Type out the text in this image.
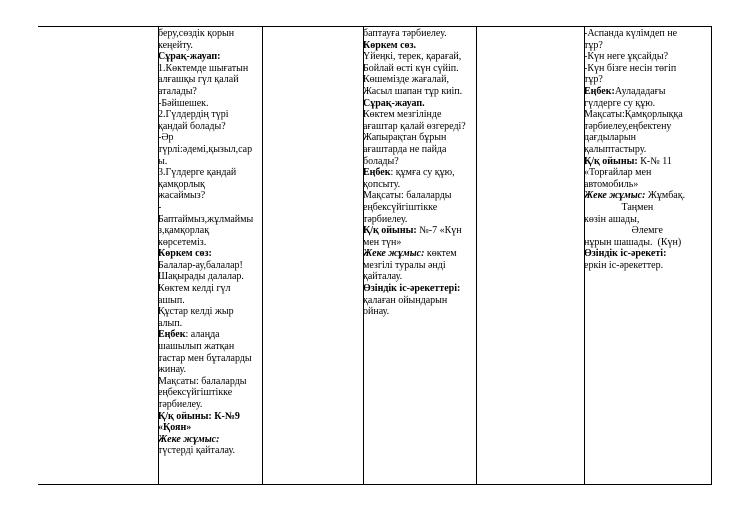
беру,сөздік қорын
кеңейту.
Сұрақ-жауап:
1.Көктемде шығатын
алғашқы гүл қалай
аталады?
-Бәйшешек.
2.Гүлдердің түрі
қандай болады?
-Әр
түрлі:әдемі,қызыл,сар
ы.
3.Гүлдерге қандай
қамқорлық
жасаймыз?
-
Баптаймыз,жұлмаймы
з,қамқорлақ
көрсетеміз.
Көркем сөз:
Балалар-ау,балалар!
Шақырады далалар.
Көктем келді гүл
ашып.
Құстар келді жыр
алып.
Еңбек: алаңда
шашылып жатқан
тастар мен бұталарды
жинау.
Мақсаты: балаларды
еңбексүйгіштікке
тәрбиелеу.
Қ/қ ойыны: К-№9
«Қоян»
Жеке жұмыс:
түстерді қайталау.
баптауға тәрбиелеу.
Көркем сөз.
Үйеңкі, терек, қарағай,
Бойлай өсті күн сүйіп.
Көшемізде жағалай,
Жасыл шапан тұр киіп.
Сұрақ-жауап.
Көктем мезгілінде
ағаштар қалай өзгереді?
Жапырақтан бұрын
ағаштарда не пайда
болады?
Еңбек: құмға су құю,
қопсыту.
Мақсаты: балаларды
еңбексүйгіштікке
тәрбиелеу.
Қ/қ ойыны: №-7 «Күн
мен түн»
Жеке жұмыс: көктем
мезгілі туралы әнді
қайталау.
Өзіндік іс-әрекеттері:
қалаған ойындарын
ойнау.
-Аспанда күлімдеп не
тұр?
-Күн неге ұқсайды?
-Күн бізге несін төгіп
тұр?
Еңбек:Аулададағы
гүлдерге су құю.
Мақсаты:Қамқорлыққа
тәрбиелеу,еңбектену
дағдыларын
қалыптастыру.
Қ/қ ойыны: К-№ 11
«Торғайлар мен
автомобиль»
Жеке жұмыс: Жұмбақ.
Таңмен
көзін ашады,
Әлемге
нұрын шашады.  (Күн)
Өзіндік іс-әрекеті:
еркін іс-әрекеттер.
